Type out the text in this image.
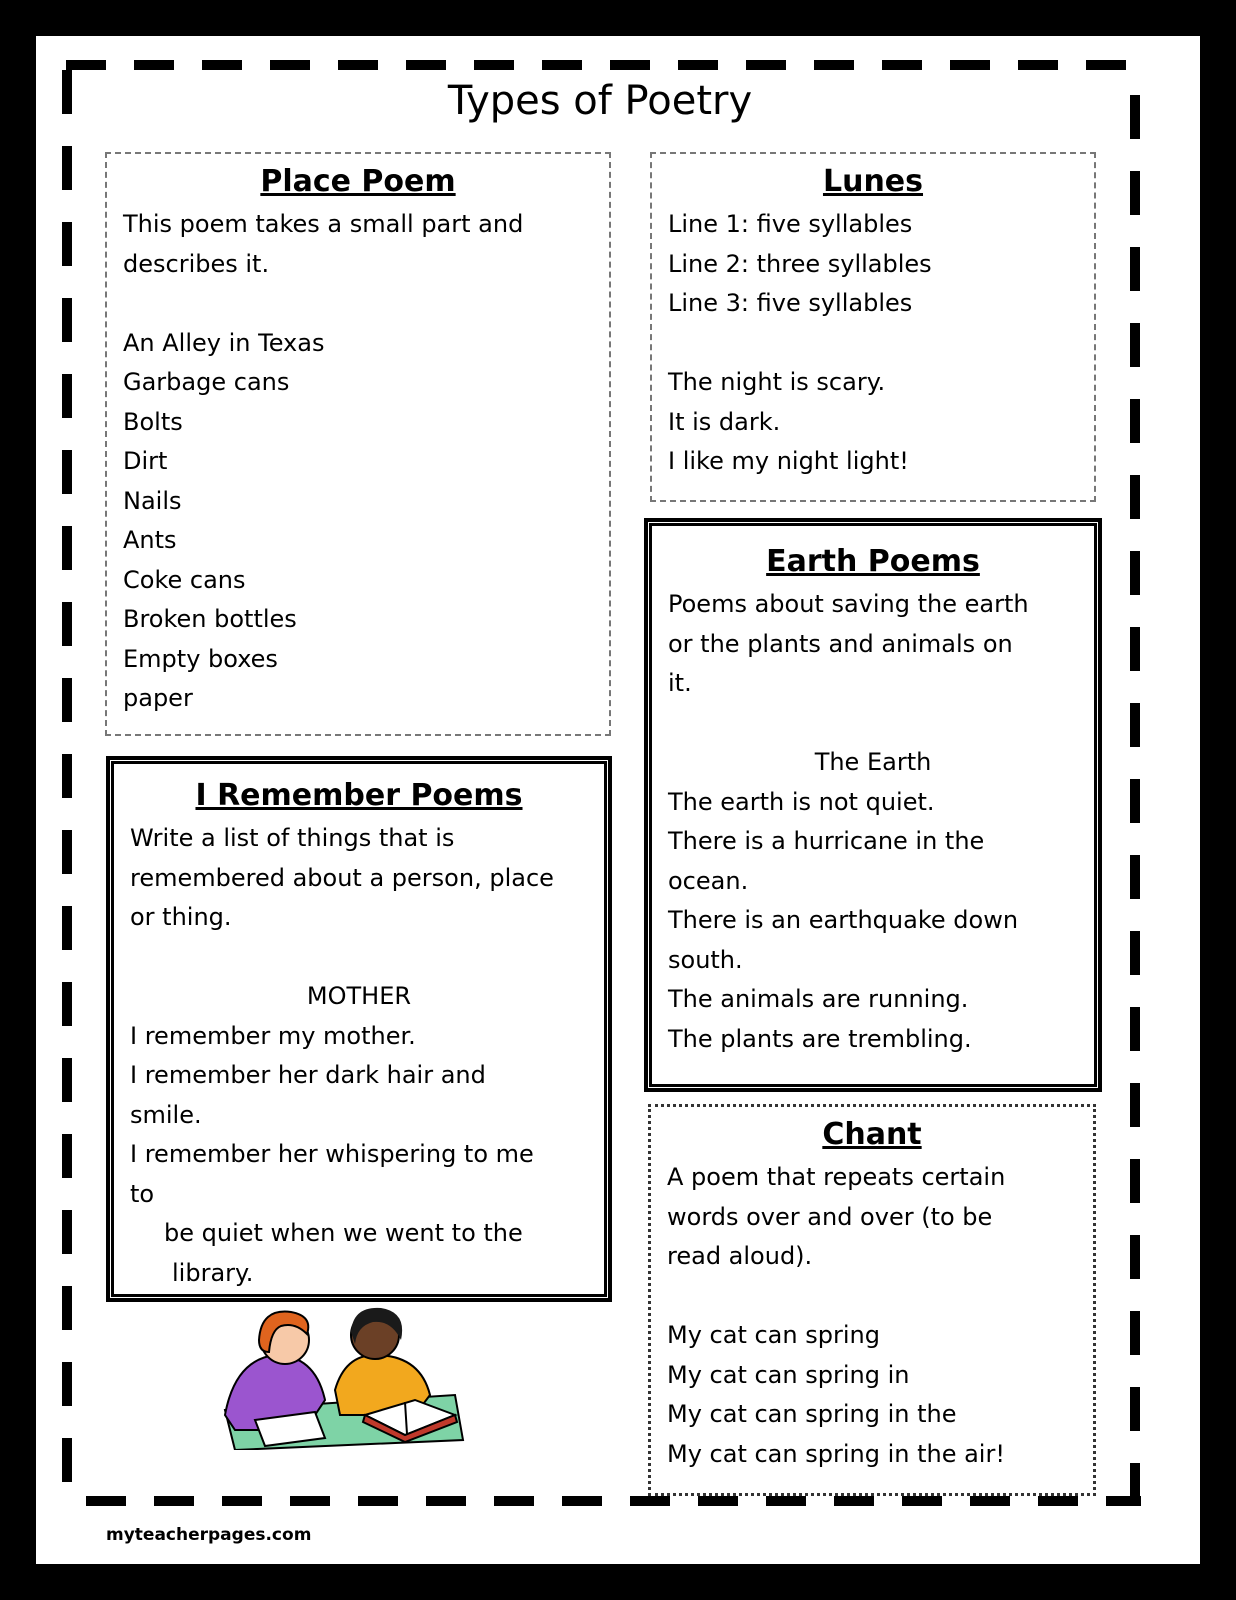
Types of Poetry
Place Poem
This poem takes a small part and
describes it.
An Alley in Texas
Garbage cans
Bolts
Dirt
Nails
Ants
Coke cans
Broken bottles
Empty boxes
paper
Lunes
Line 1: five syllables
Line 2: three syllables
Line 3: five syllables
The night is scary.
It is dark.
I like my night light!
Earth Poems
Poems about saving the earth
or the plants and animals on
it.
The Earth
The earth is not quiet.
There is a hurricane in the
ocean.
There is an earthquake down
south.
The animals are running.
The plants are trembling.
I Remember Poems
Write a list of things that is
remembered about a person, place
or thing.
MOTHER
I remember my mother.
I remember her dark hair and
smile.
I remember her whispering to me
to
be quiet when we went to the
library.
Chant
A poem that repeats certain
words over and over (to be
read aloud).
My cat can spring
My cat can spring in
My cat can spring in the
My cat can spring in the air!
myteacherpages.com
